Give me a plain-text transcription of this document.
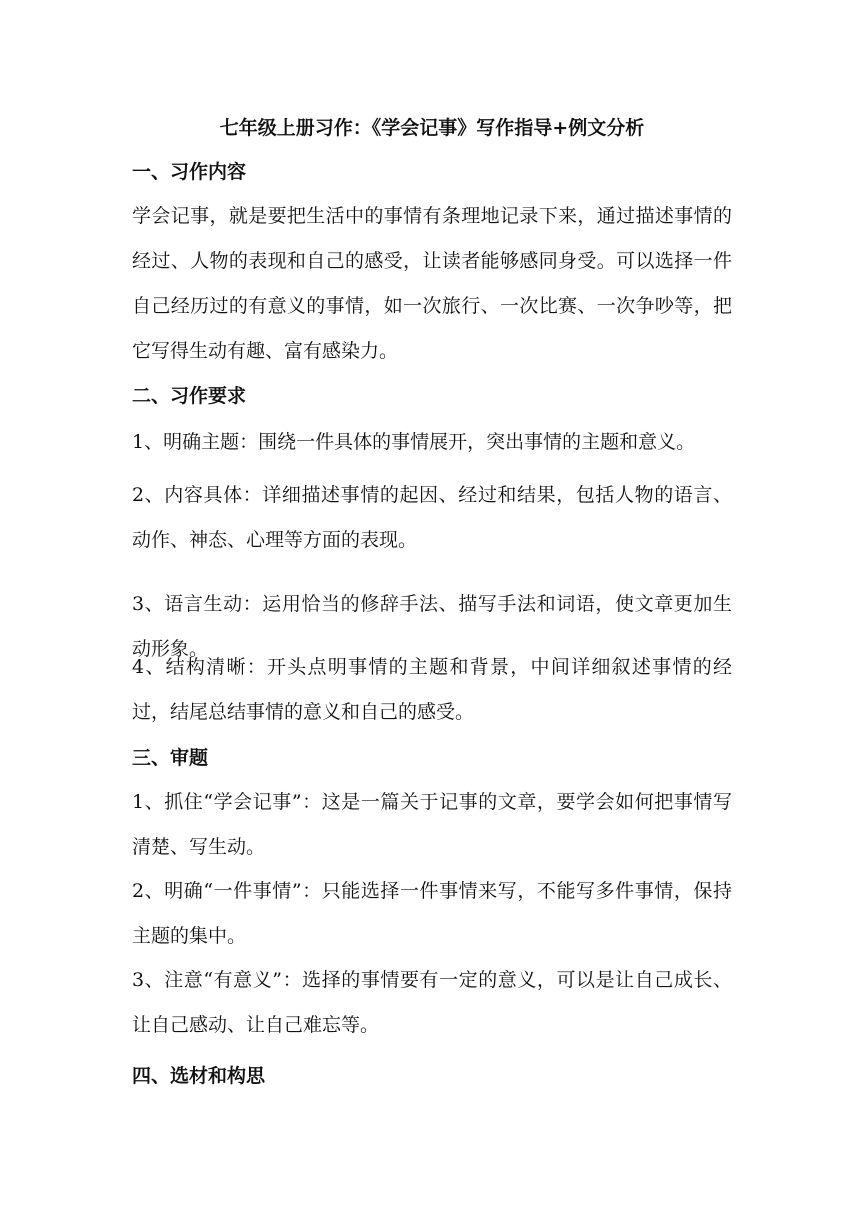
七年级上册习作：《学会记事》写作指导+例文分析
一、习作内容

学会记事，就是要把生活中的事情有条理地记录下来，通过描述事情的经过、人物的表现和自己的感受，让读者能够感同身受。可以选择一件自己经历过的有意义的事情，如一次旅行、一次比赛、一次争吵等，把它写得生动有趣、富有感染力。

二、习作要求

1、明确主题：围绕一件具体的事情展开，突出事情的主题和意义。

2、内容具体：详细描述事情的起因、经过和结果，包括人物的语言、动作、神态、心理等方面的表现。

3、语言生动：运用恰当的修辞手法、描写手法和词语，使文章更加生动形象。

4、结构清晰：开头点明事情的主题和背景，中间详细叙述事情的经过，结尾总结事情的意义和自己的感受。

三、审题

1、抓住“学会记事”：这是一篇关于记事的文章，要学会如何把事情写清楚、写生动。

2、明确“一件事情”：只能选择一件事情来写，不能写多件事情，保持主题的集中。

3、注意“有意义”：选择的事情要有一定的意义，可以是让自己成长、让自己感动、让自己难忘等。

四、选材和构思
